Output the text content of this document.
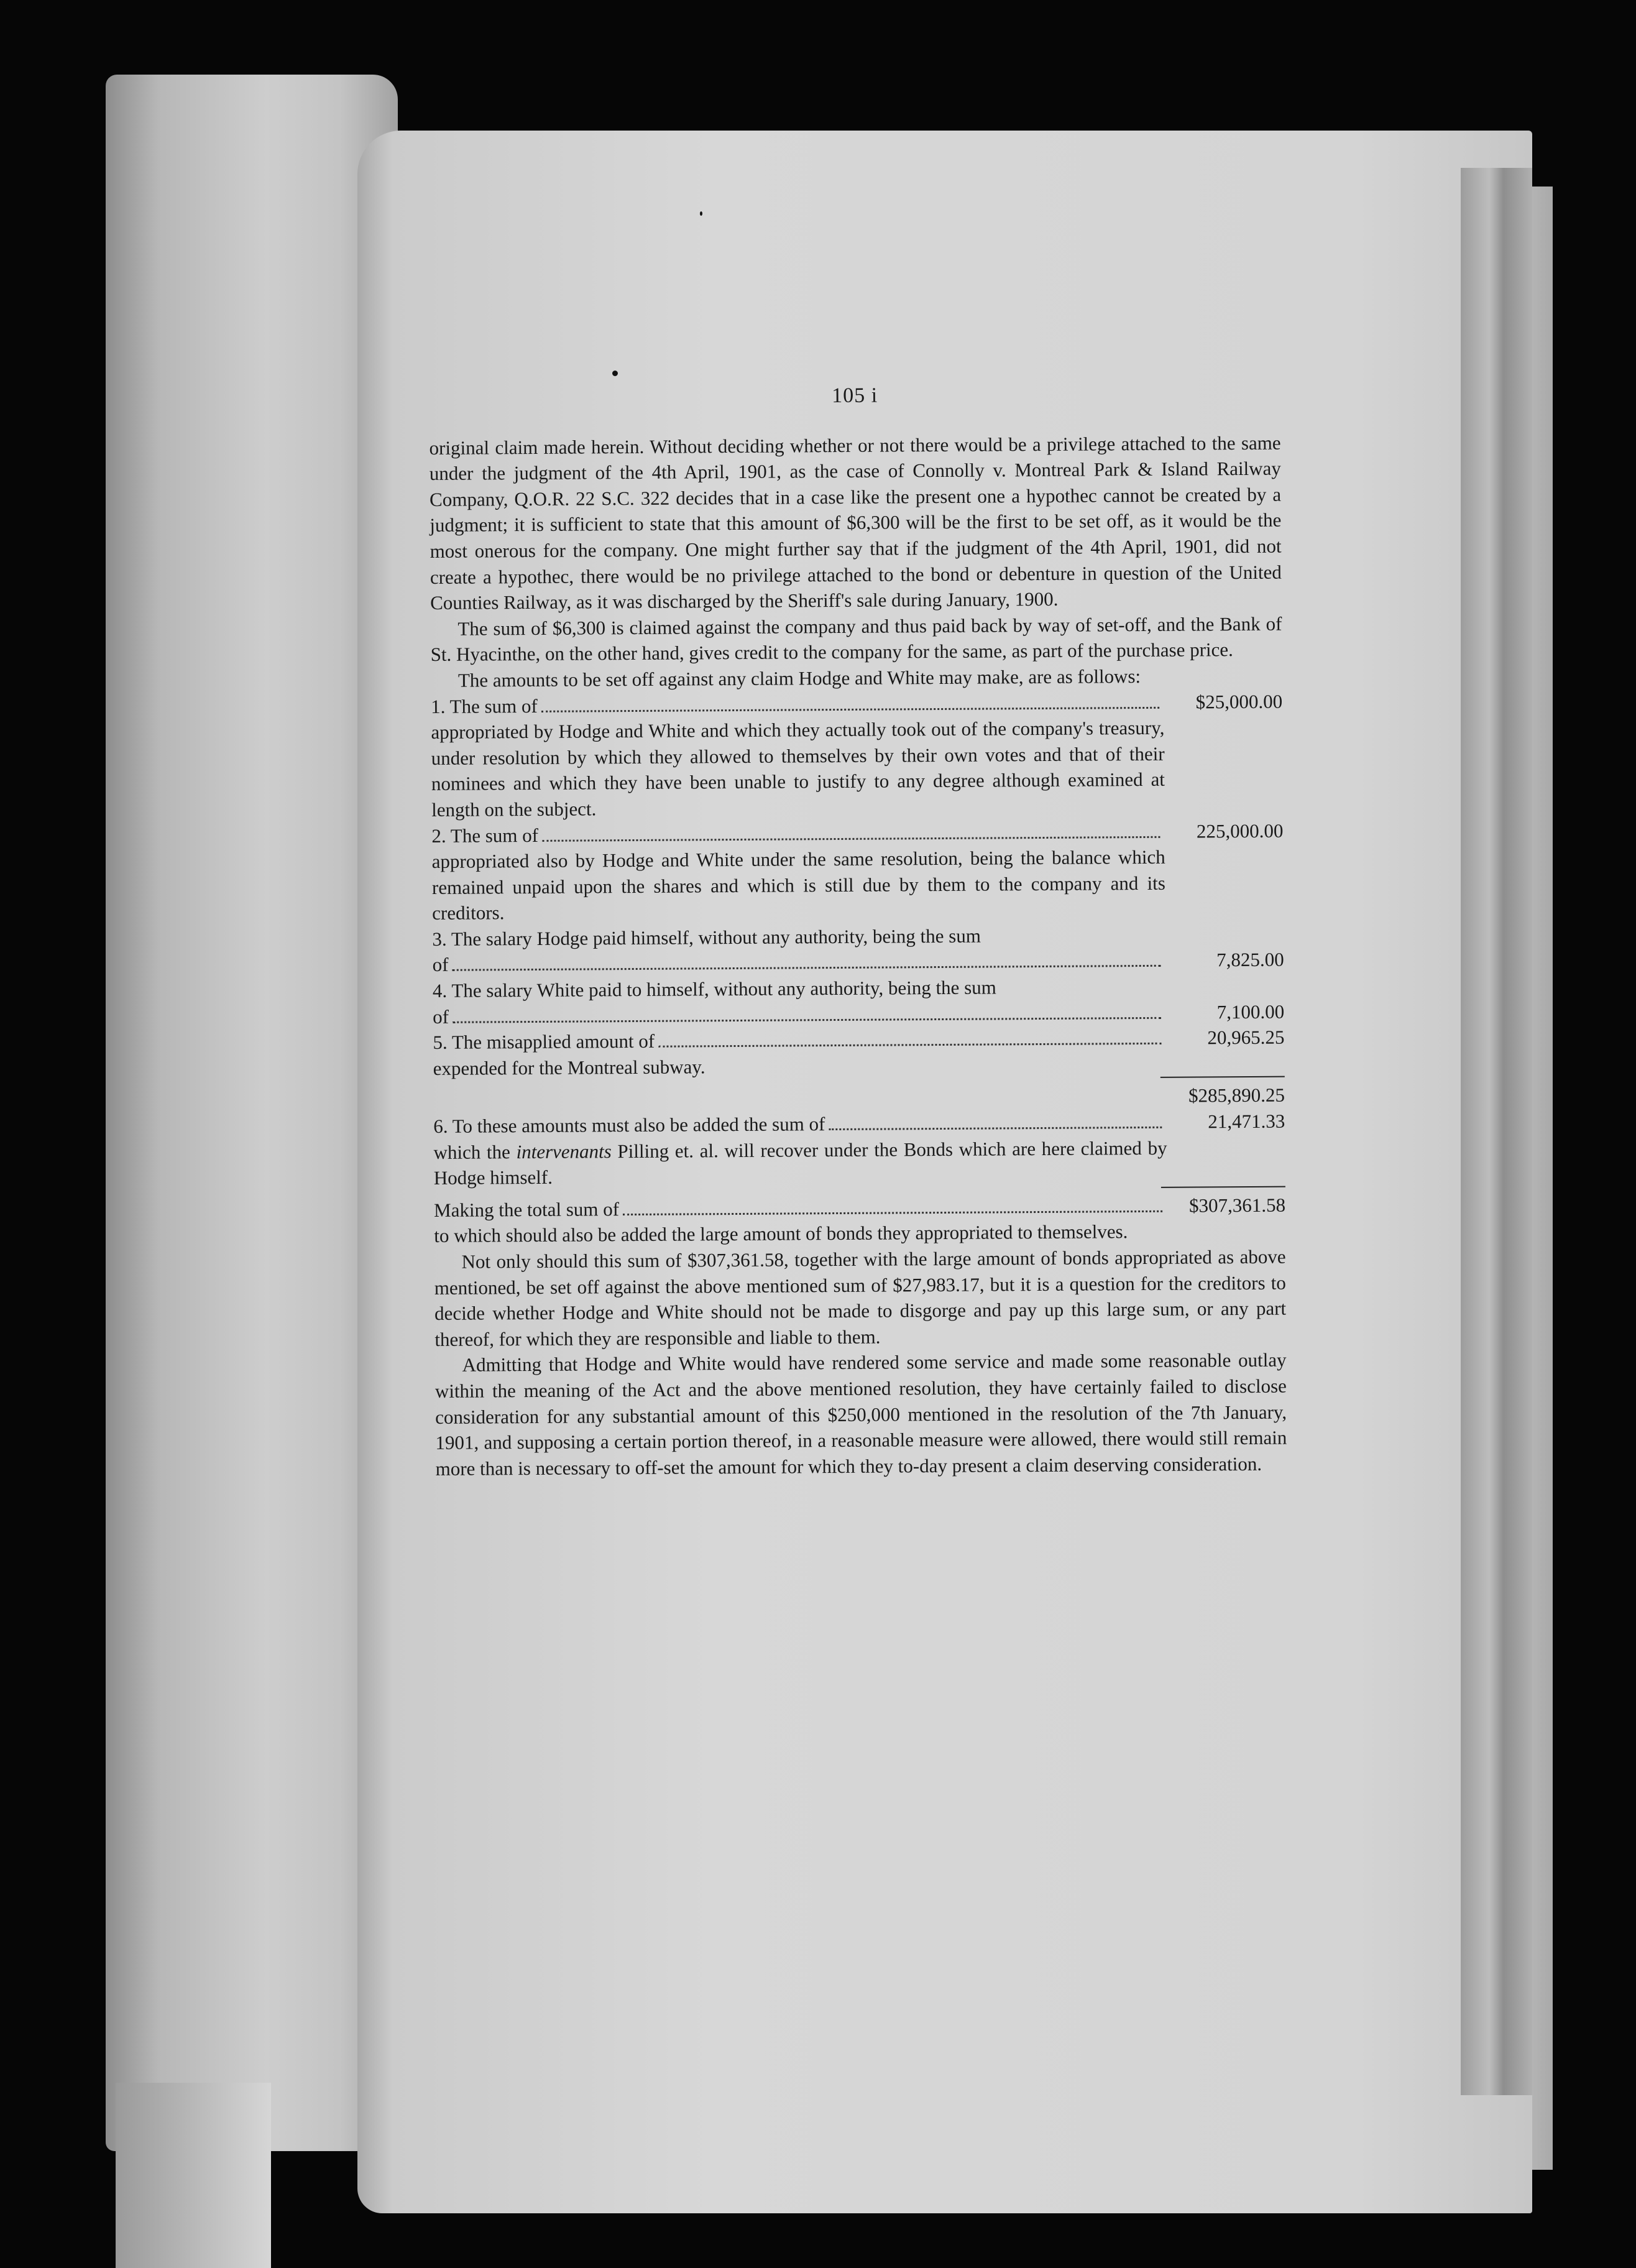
105 i

original claim made herein. Without deciding whether or not there would be a privilege attached to the same under the judgment of the 4th April, 1901, as the case of Connolly v. Montreal Park & Island Railway Company, Q.O.R. 22 S.C. 322 decides that in a case like the present one a hypothec cannot be created by a judgment; it is sufficient to state that this amount of $6,300 will be the first to be set off, as it would be the most onerous for the company. One might further say that if the judgment of the 4th April, 1901, did not create a hypothec, there would be no privilege attached to the bond or debenture in question of the United Counties Railway, as it was discharged by the Sheriff's sale during January, 1900.

The sum of $6,300 is claimed against the company and thus paid back by way of set-off, and the Bank of St. Hyacinthe, on the other hand, gives credit to the company for the same, as part of the purchase price.

The amounts to be set off against any claim Hodge and White may make, are as follows:

1. The sum of	$25,000.00
appropriated by Hodge and White and which they actually took out of the company's treasury, under resolution by which they allowed to themselves by their own votes and that of their nominees and which they have been unable to justify to any degree although examined at length on the subject.
2. The sum of	225,000.00
appropriated also by Hodge and White under the same resolution, being the balance which remained unpaid upon the shares and which is still due by them to the company and its creditors.
3. The salary Hodge paid himself, without any authority, being the sum
of	7,825.00
4. The salary White paid to himself, without any authority, being the sum
of	7,100.00
5. The misapplied amount of	20,965.25
expended for the Montreal subway.
$285,890.25
6. To these amounts must also be added the sum of	21,471.33
which the intervenants Pilling et. al. will recover under the Bonds which are here claimed by Hodge himself.
Making the total sum of	$307,361.58
to which should also be added the large amount of bonds they appropriated to themselves.

Not only should this sum of $307,361.58, together with the large amount of bonds appropriated as above mentioned, be set off against the above mentioned sum of $27,983.17, but it is a question for the creditors to decide whether Hodge and White should not be made to disgorge and pay up this large sum, or any part thereof, for which they are responsible and liable to them.

Admitting that Hodge and White would have rendered some service and made some reasonable outlay within the meaning of the Act and the above mentioned resolution, they have certainly failed to disclose consideration for any substantial amount of this $250,000 mentioned in the resolution of the 7th January, 1901, and supposing a certain portion thereof, in a reasonable measure were allowed, there would still remain more than is necessary to off-set the amount for which they to-day present a claim deserving consideration.
